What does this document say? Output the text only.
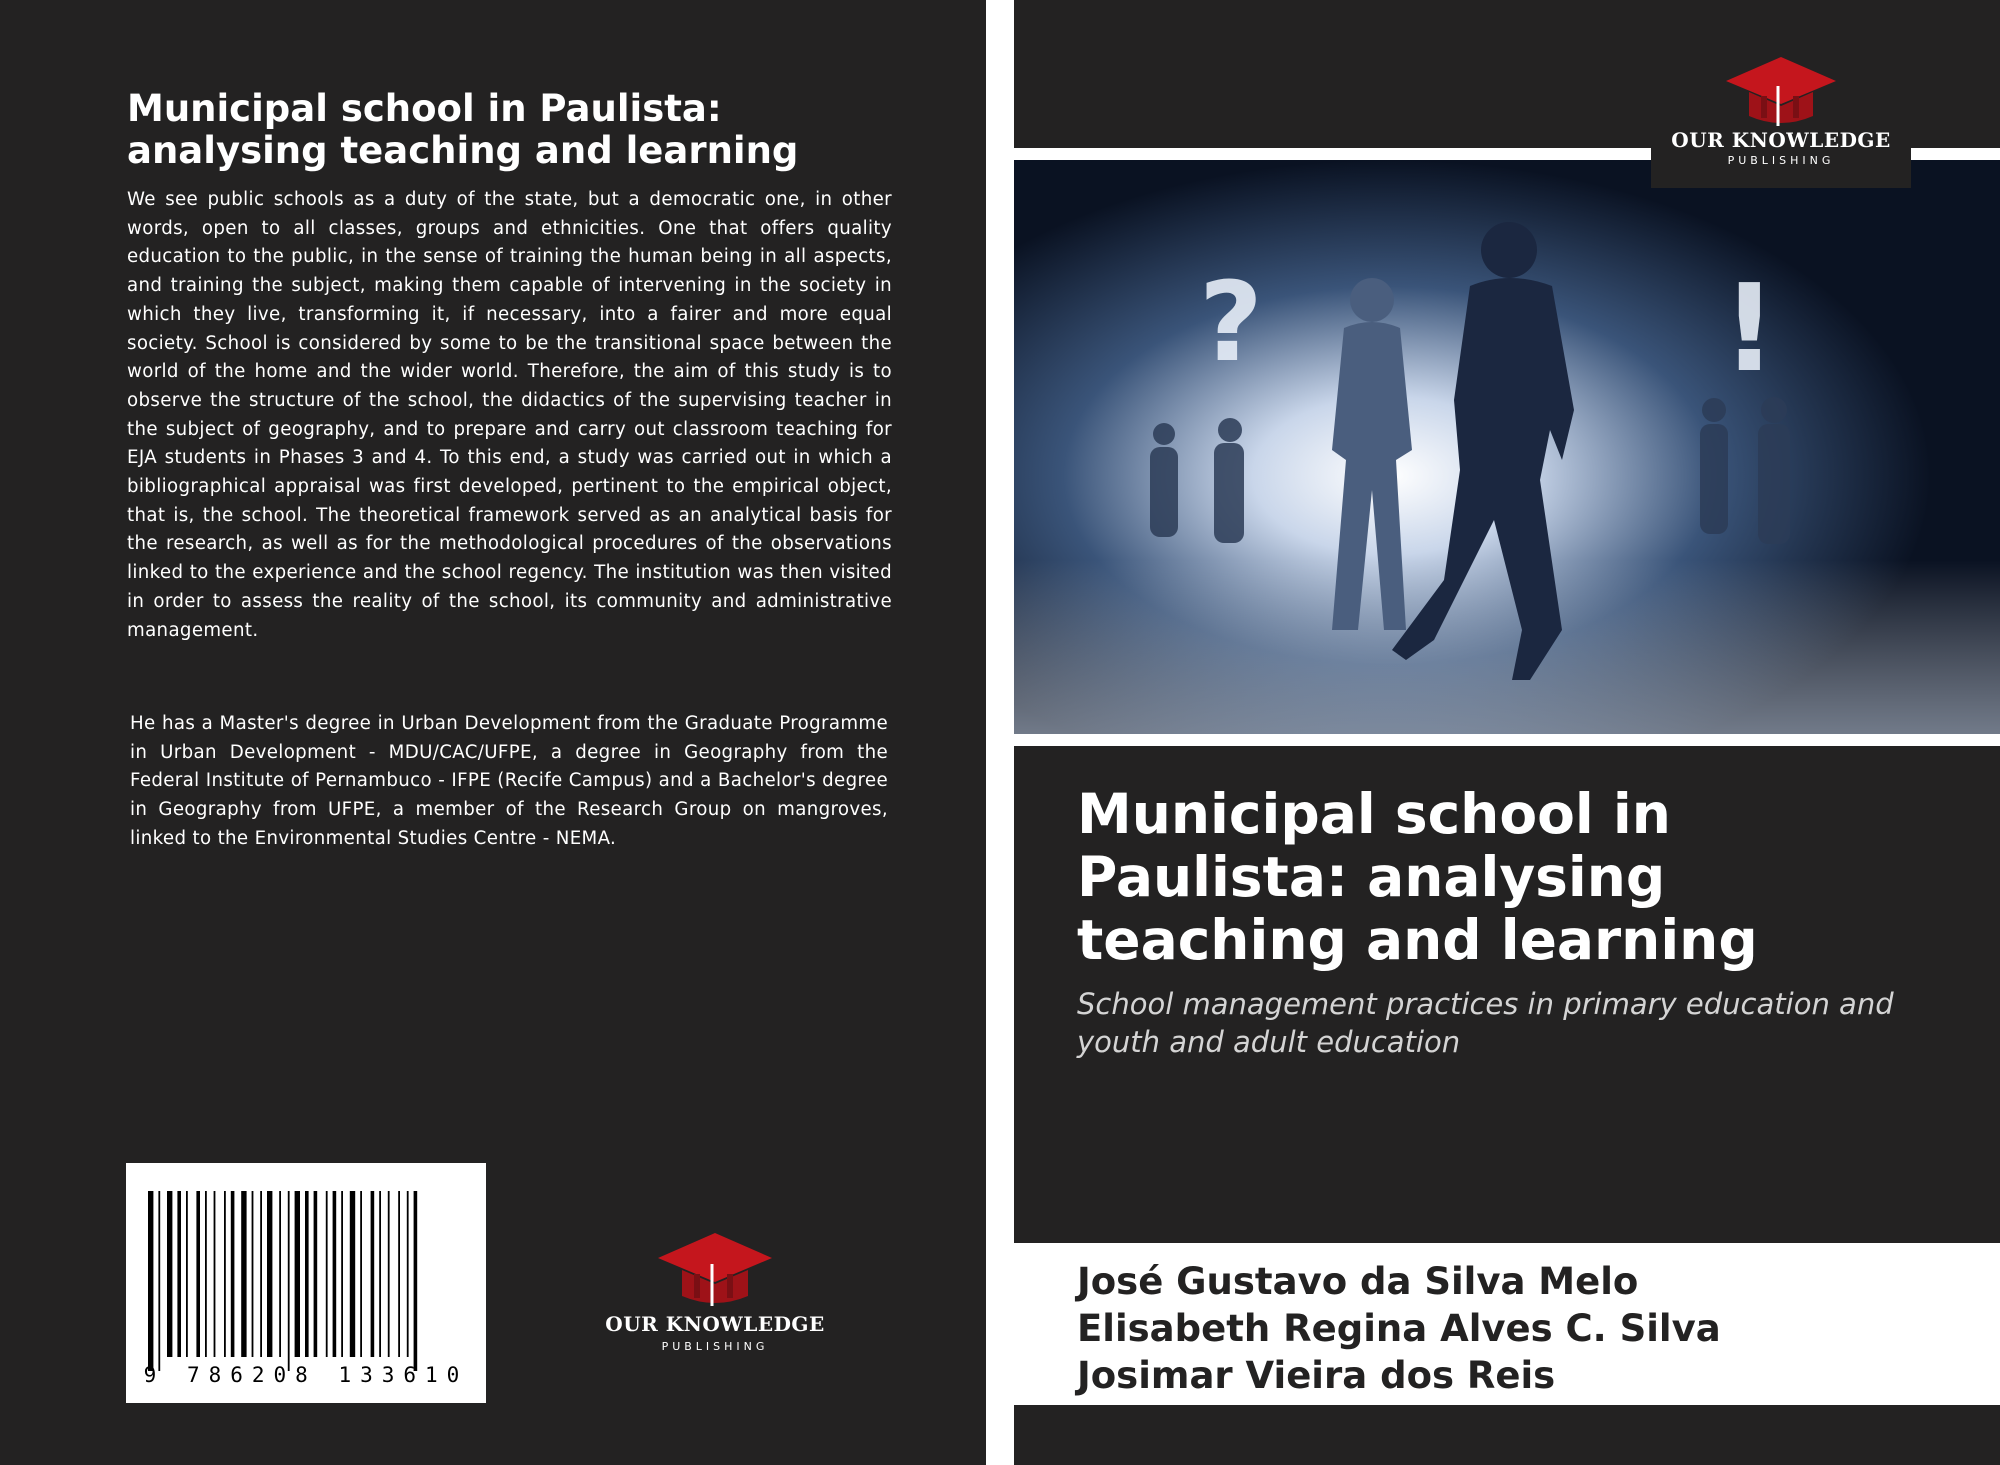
Municipal school in Paulista:
analysing teaching and learning
We see public schools as a duty of the state, but a democratic one, in other words, open to all classes, groups and ethnicities. One that offers quality education to the public, in the sense of training the human being in all aspects, and training the subject, making them capable of intervening in the society in which they live, transforming it, if necessary, into a fairer and more equal society. School is considered by some to be the transitional space between the world of the home and the wider world. Therefore, the aim of this study is to observe the structure of the school, the didactics of the supervising teacher in the subject of geography, and to prepare and carry out classroom teaching for EJA students in Phases 3 and 4. To this end, a study was carried out in which a bibliographical appraisal was first developed, pertinent to the empirical object, that is, the school. The theoretical framework served as an analytical basis for the research, as well as for the methodological procedures of the observations linked to the experience and the school regency. The institution was then visited in order to assess the reality of the school, its community and administrative management.
He has a Master's degree in Urban Development from the Graduate Programme in Urban Development - MDU/CAC/UFPE, a degree in Geography from the Federal Institute of Pernambuco - IFPE (Recife Campus) and a Bachelor's degree in Geography from UFPE, a member of the Research Group on mangroves, linked to the Environmental Studies Centre - NEMA.
9 786208 133610
OUR KNOWLEDGE
PUBLISHING
?	!
OUR KNOWLEDGE
PUBLISHING
Municipal school in
Paulista: analysing
teaching and learning
School management practices in primary education and youth and adult education
José Gustavo da Silva Melo
Elisabeth Regina Alves C. Silva
Josimar Vieira dos Reis
